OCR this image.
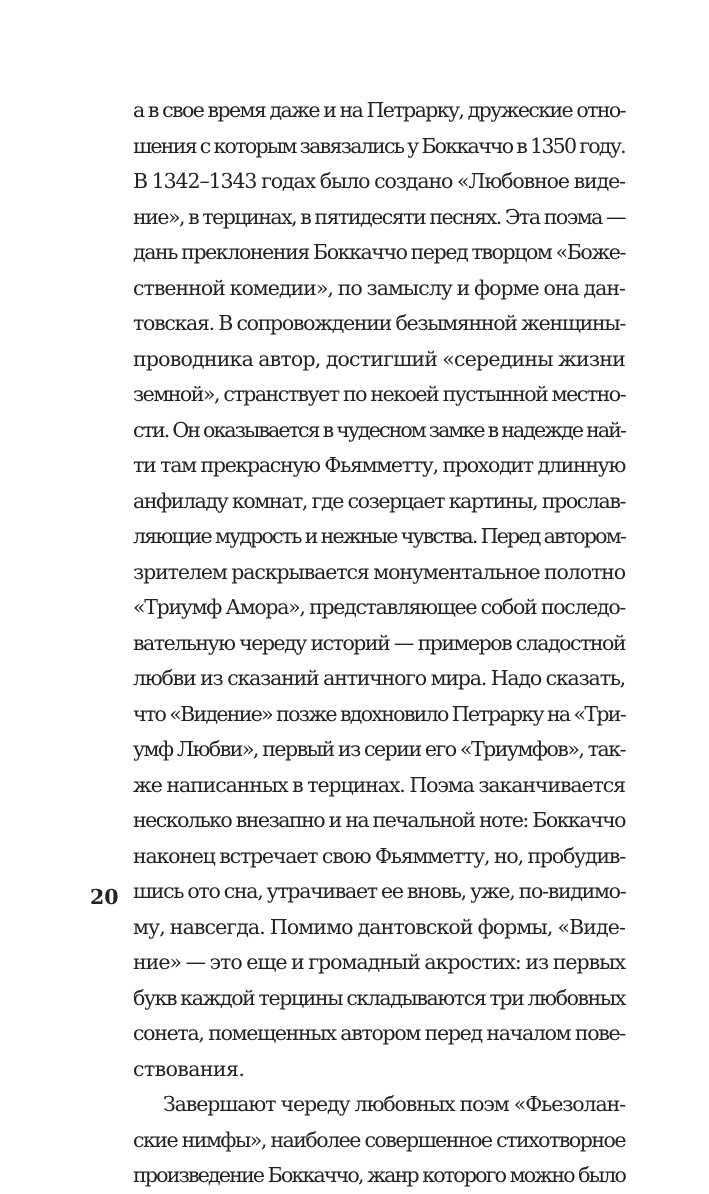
а в свое время даже и на Петрарку, дружеские отно-
шения с которым завязались у Боккаччо в 1350 году.
В 1342–1343 годах было создано «Любовное виде-
ние», в терцинах, в пятидесяти песнях. Эта поэма —
дань преклонения Боккаччо перед творцом «Боже-
ственной комедии», по замыслу и форме она дан-
товская. В сопровождении безымянной женщины-
проводника автор, достигший «середины жизни
земной», странствует по некоей пустынной местно-
сти. Он оказывается в чудесном замке в надежде най-
ти там прекрасную Фьямметту, проходит длинную
анфиладу комнат, где созерцает картины, прослав-
ляющие мудрость и нежные чувства. Перед автором-
зрителем раскрывается монументальное полотно
«Триумф Амора», представляющее собой последо-
вательную череду историй — примеров сладостной
любви из сказаний античного мира. Надо сказать,
что «Видение» позже вдохновило Петрарку на «Три-
умф Любви», первый из серии его «Триумфов», так-
же написанных в терцинах. Поэма заканчивается
несколько внезапно и на печальной ноте: Боккаччо
наконец встречает свою Фьямметту, но, пробудив-
шись ото сна, утрачивает ее вновь, уже, по-видимо-
му, навсегда. Помимо дантовской формы, «Виде-
ние» — это еще и громадный акростих: из первых
букв каждой терцины складываются три любовных
сонета, помещенных автором перед началом пове-
ствования.
Завершают череду любовных поэм «Фьезолан-
ские нимфы», наиболее совершенное стихотворное
произведение Боккаччо, жанр которого можно было
20
